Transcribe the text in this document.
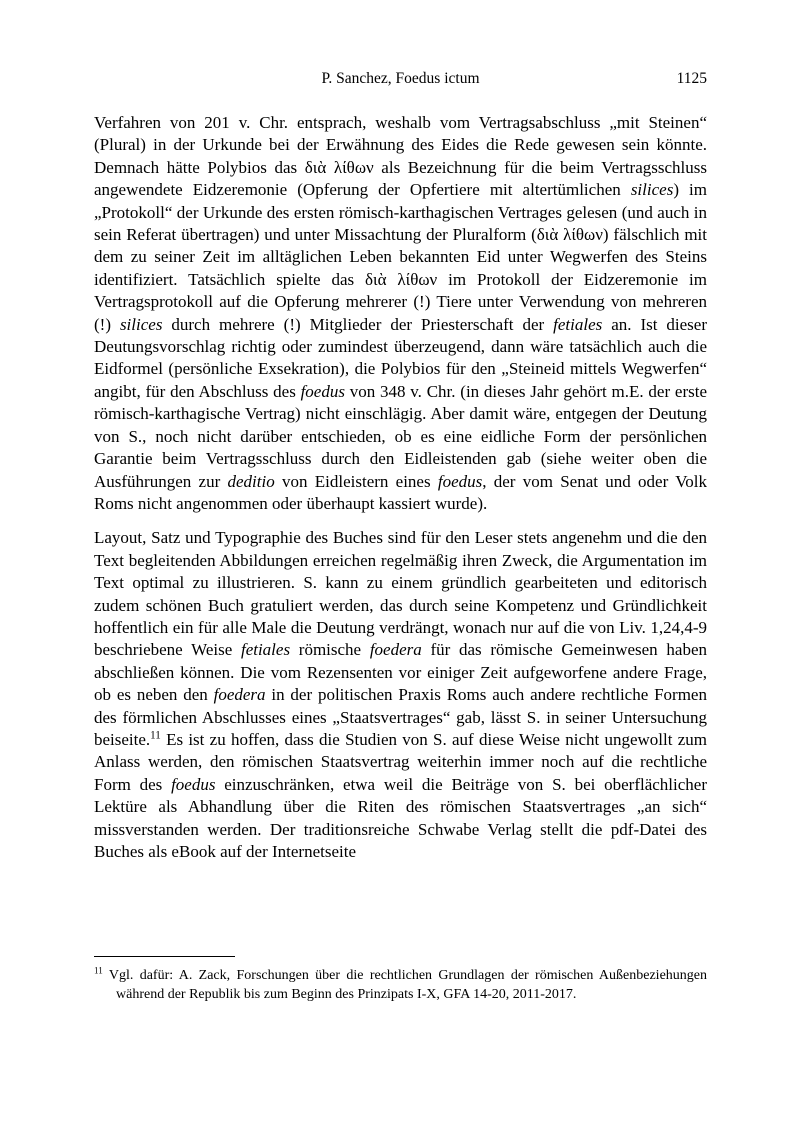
P. Sanchez, Foedus ictum	1125

Verfahren von 201 v. Chr. entsprach, weshalb vom Vertragsabschluss „mit Steinen“ (Plural) in der Urkunde bei der Erwähnung des Eides die Rede gewesen sein könnte. Demnach hätte Polybios das διὰ λίθων als Bezeichnung für die beim Vertragsschluss angewendete Eidzeremonie (Opferung der Opfertiere mit altertümlichen silices) im „Protokoll“ der Urkunde des ersten römisch-karthagischen Vertrages gelesen (und auch in sein Referat übertragen) und unter Missachtung der Pluralform (διὰ λίθων) fälschlich mit dem zu seiner Zeit im alltäglichen Leben bekannten Eid unter Wegwerfen des Steins identifiziert. Tatsächlich spielte das διὰ λίθων im Protokoll der Eidzeremonie im Vertragsprotokoll auf die Opferung mehrerer (!) Tiere unter Verwendung von mehreren (!) silices durch mehrere (!) Mitglieder der Priesterschaft der fetiales an. Ist dieser Deutungsvorschlag richtig oder zumindest überzeugend, dann wäre tatsächlich auch die Eidformel (persönliche Exsekration), die Polybios für den „Steineid mittels Wegwerfen“ angibt, für den Abschluss des foedus von 348 v. Chr. (in dieses Jahr gehört m.E. der erste römisch-karthagische Vertrag) nicht einschlägig. Aber damit wäre, entgegen der Deutung von S., noch nicht darüber entschieden, ob es eine eidliche Form der persönlichen Garantie beim Vertragsschluss durch den Eidleistenden gab (siehe weiter oben die Ausführungen zur deditio von Eidleistern eines foedus, der vom Senat und oder Volk Roms nicht angenommen oder überhaupt kassiert wurde).

Layout, Satz und Typographie des Buches sind für den Leser stets angenehm und die den Text begleitenden Abbildungen erreichen regelmäßig ihren Zweck, die Argumentation im Text optimal zu illustrieren. S. kann zu einem gründlich gearbeiteten und editorisch zudem schönen Buch gratuliert werden, das durch seine Kompetenz und Gründlichkeit hoffentlich ein für alle Male die Deutung verdrängt, wonach nur auf die von Liv. 1,24,4-9 beschriebene Weise fetiales römische foedera für das römische Gemeinwesen haben abschließen können. Die vom Rezensenten vor einiger Zeit aufgeworfene andere Frage, ob es neben den foedera in der politischen Praxis Roms auch andere rechtliche Formen des förmlichen Abschlusses eines „Staatsvertrages“ gab, lässt S. in seiner Untersuchung beiseite.$^{11}$ Es ist zu hoffen, dass die Studien von S. auf diese Weise nicht ungewollt zum Anlass werden, den römischen Staatsvertrag weiterhin immer noch auf die rechtliche Form des foedus einzuschränken, etwa weil die Beiträge von S. bei oberflächlicher Lektüre als Abhandlung über die Riten des römischen Staatsvertrages „an sich“ missverstanden werden. Der traditionsreiche Schwabe Verlag stellt die pdf-Datei des Buches als eBook auf der Internetseite

$^{11}$ Vgl. dafür: A. Zack, Forschungen über die rechtlichen Grundlagen der römischen Außenbeziehungen während der Republik bis zum Beginn des Prinzipats I-X, GFA 14-20, 2011-2017.
